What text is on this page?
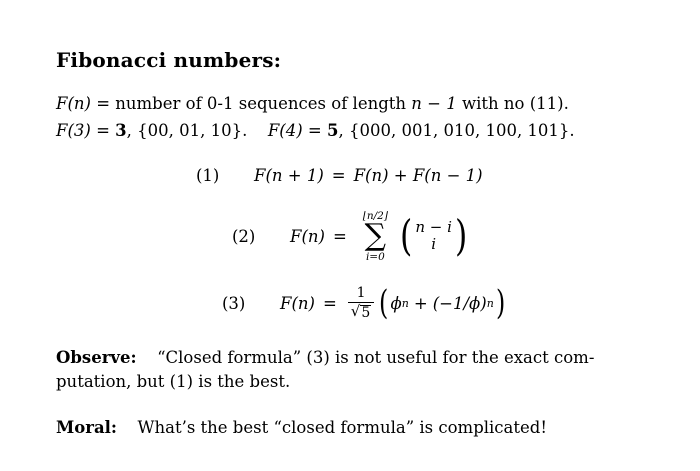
Fibonacci numbers:
F(n) = number of 0-1 sequences of length n − 1 with no (11).
F(3) = 3, {00, 01, 10}. F(4) = 5, {000, 001, 010, 100, 101}.
(1)	F(n + 1) = F(n) + F(n − 1)
(2)	F(n) =
⌊n/2⌋
∑
i=0 ( n − i
i )
(3)	$F(n) = \frac{1}{√ 5}$ ( ϕ n + (−1/ϕ) n )
Observe: “Closed formula” (3) is not useful for the exact com-
putation, but (1) is the best.
Moral: What’s the best “closed formula” is complicated!
